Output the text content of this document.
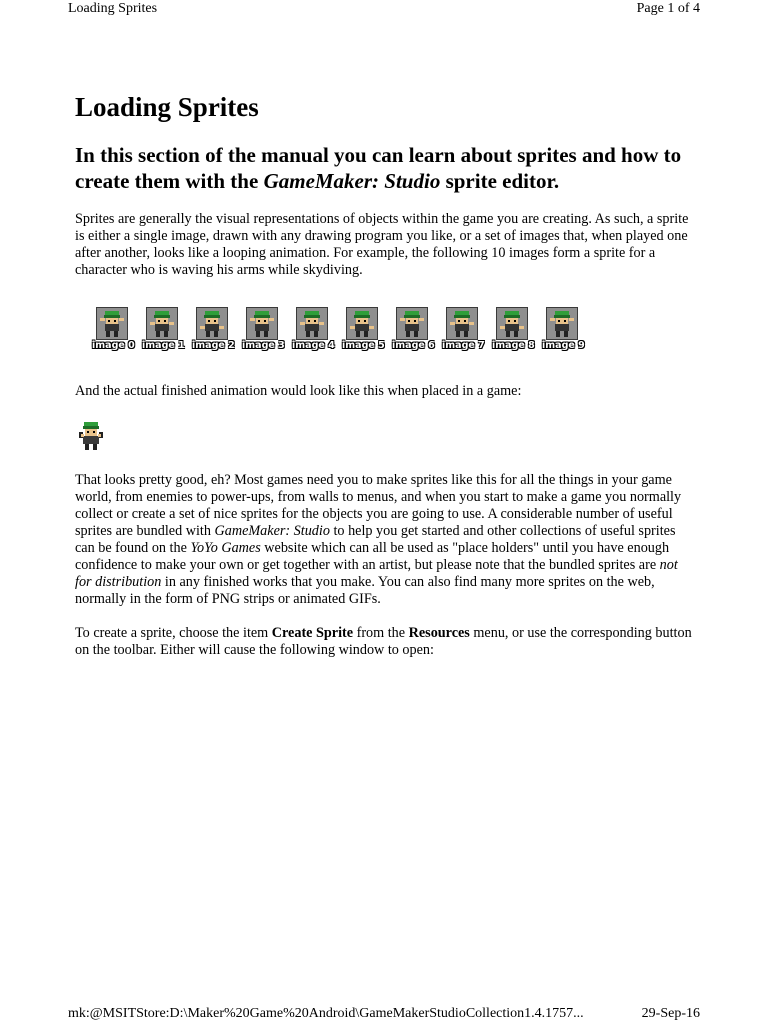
Loading Sprites	Page 1 of 4
Loading Sprites
In this section of the manual you can learn about sprites and how to create them with the GameMaker: Studio sprite editor.

Sprites are generally the visual representations of objects within the game you are creating. As such, a sprite is either a single image, drawn with any drawing program you like, or a set of images that, when played one after another, looks like a looping animation. For example, the following 10 images form a sprite for a character who is waving his arms while skydiving.

image 0 image 1 image 2 image 3 image 4 image 5 image 6 image 7 image 8 image 9

And the actual finished animation would look like this when placed in a game:

That looks pretty good, eh? Most games need you to make sprites like this for all the things in your game world, from enemies to power-ups, from walls to menus, and when you start to make a game you normally collect or create a set of nice sprites for the objects you are going to use. A considerable number of useful sprites are bundled with GameMaker: Studio to help you get started and other collections of useful sprites can be found on the YoYo Games website which can all be used as "place holders" until you have enough confidence to make your own or get together with an artist, but please note that the bundled sprites are not for distribution in any finished works that you make. You can also find many more sprites on the web, normally in the form of PNG strips or animated GIFs.

To create a sprite, choose the item Create Sprite from the Resources menu, or use the corresponding button on the toolbar. Either will cause the following window to open:

mk:@MSITStore:D:\Maker%20Game%20Android\GameMakerStudioCollection1.4.1757...	29-Sep-16
